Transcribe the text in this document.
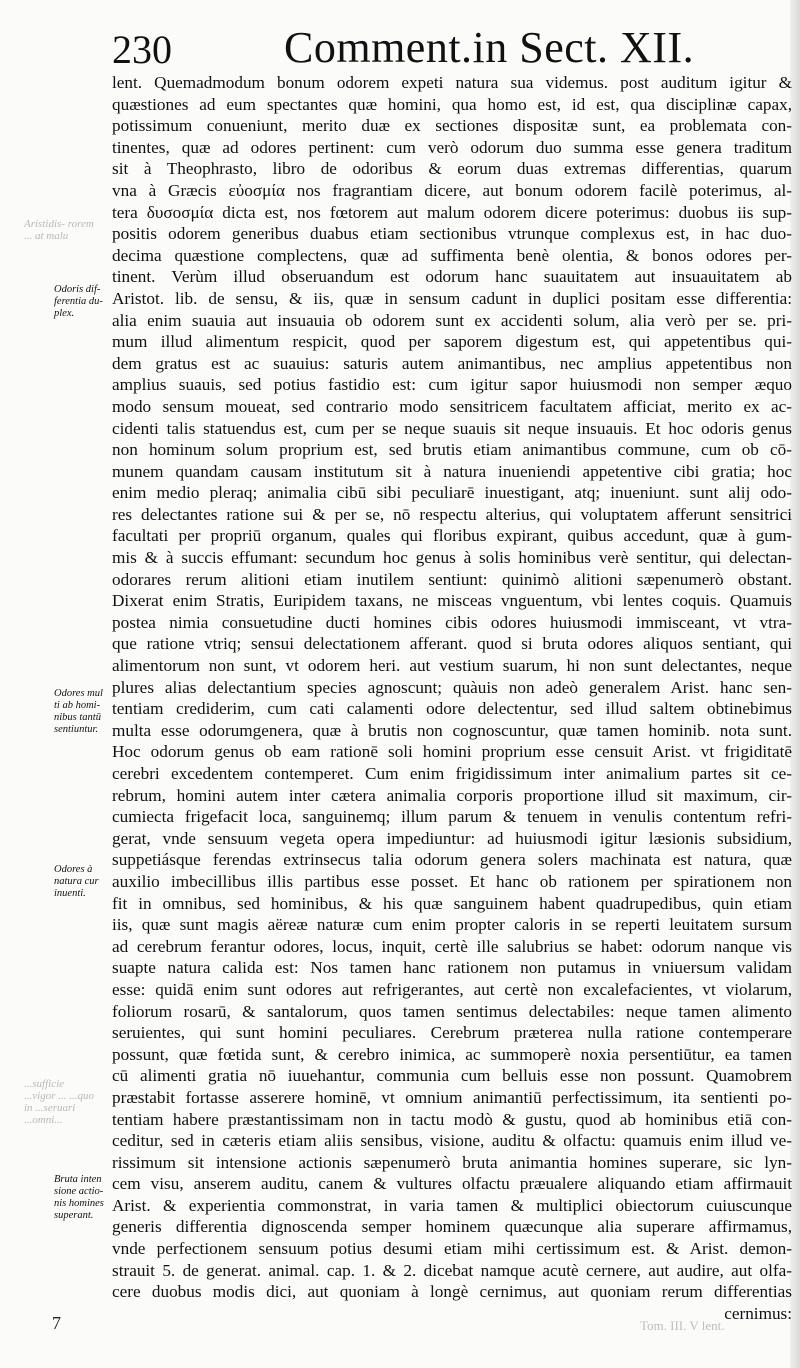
230	Comment.in Sect. XII.
Aristidis- rorem ... at malu
...sufficie ...vigor ... ...quo in ...seruari ...omni...
Odoris dif-
ferentia du-
plex.
Odores mul
ti ab homi-
nibus tantū
sentiuntur.
Odores à
natura cur
inuenti.
Bruta inten
sione actio-
nis homines
superant.
lent. Quemadmodum bonum odorem expeti natura sua videmus. post auditum igitur &
quæstiones ad eum spectantes quæ homini, qua homo est, id est, qua disciplinæ capax,
potissimum conueniunt, merito duæ ex sectiones dispositæ sunt, ea problemata con-
tinentes, quæ ad odores pertinent: cum verò odorum duo summa esse genera traditum
sit à Theophrasto, libro de odoribus & eorum duas extremas differentias, quarum
vna à Græcis εὐοσμία nos fragrantiam dicere, aut bonum odorem facilè poterimus, al-
tera δυσοσμία dicta est, nos fœtorem aut malum odorem dicere poterimus: duobus iis sup-
positis odorem generibus duabus etiam sectionibus vtrunque complexus est, in hac duo-
decima quæstione complectens, quæ ad suffimenta benè olentia, & bonos odores per-
tinent. Verùm illud obseruandum est odorum hanc suauitatem aut insuauitatem ab
Aristot. lib. de sensu, & iis, quæ in sensum cadunt in duplici positam esse differentia:
alia enim suauia aut insuauia ob odorem sunt ex accidenti solum, alia verò per se. pri-
mum illud alimentum respicit, quod per saporem digestum est, qui appetentibus qui-
dem gratus est ac suauius: saturis autem animantibus, nec amplius appetentibus non
amplius suauis, sed potius fastidio est: cum igitur sapor huiusmodi non semper æquo
modo sensum moueat, sed contrario modo sensitricem facultatem afficiat, merito ex ac-
cidenti talis statuendus est, cum per se neque suauis sit neque insuauis. Et hoc odoris genus
non hominum solum proprium est, sed brutis etiam animantibus commune, cum ob cō-
munem quandam causam institutum sit à natura inueniendi appetentive cibi gratia; hoc
enim medio pleraq; animalia cibū sibi peculiarē inuestigant, atq; inueniunt. sunt alij odo-
res delectantes ratione sui & per se, nō respectu alterius, qui voluptatem afferunt sensitrici
facultati per propriū organum, quales qui floribus expirant, quibus accedunt, quæ à gum-
mis & à succis effumant: secundum hoc genus à solis hominibus verè sentitur, qui delectan-
odorares rerum alitioni etiam inutilem sentiunt: quinimò alitioni sæpenumerò obstant.
Dixerat enim Stratis, Euripidem taxans, ne misceas vnguentum, vbi lentes coquis. Quamuis
postea nimia consuetudine ducti homines cibis odores huiusmodi immisceant, vt vtra-
que ratione vtriq; sensui delectationem afferant. quod si bruta odores aliquos sentiant, qui
alimentorum non sunt, vt odorem heri. aut vestium suarum, hi non sunt delectantes, neque
plures alias delectantium species agnoscunt; quàuis non adeò generalem Arist. hanc sen-
tentiam crediderim, cum cati calamenti odore delectentur, sed illud saltem obtinebimus
multa esse odorumgenera, quæ à brutis non cognoscuntur, quæ tamen hominib. nota sunt.
Hoc odorum genus ob eam rationē soli homini proprium esse censuit Arist. vt frigiditatē
cerebri excedentem contemperet. Cum enim frigidissimum inter animalium partes sit ce-
rebrum, homini autem inter cætera animalia corporis proportione illud sit maximum, cir-
cumiecta frigefacit loca, sanguinemq; illum parum & tenuem in venulis contentum refri-
gerat, vnde sensuum vegeta opera impediuntur: ad huiusmodi igitur læsionis subsidium,
suppetiásque ferendas extrinsecus talia odorum genera solers machinata est natura, quæ
auxilio imbecillibus illis partibus esse posset. Et hanc ob rationem per spirationem non
fit in omnibus, sed hominibus, & his quæ sanguinem habent quadrupedibus, quin etiam
iis, quæ sunt magis aëreæ naturæ cum enim propter caloris in se reperti leuitatem sursum
ad cerebrum ferantur odores, locus, inquit, certè ille salubrius se habet: odorum nanque vis
suapte natura calida est: Nos tamen hanc rationem non putamus in vniuersum validam
esse: quidā enim sunt odores aut refrigerantes, aut certè non excalefacientes, vt violarum,
foliorum rosarū, & santalorum, quos tamen sentimus delectabiles: neque tamen alimento
seruientes, qui sunt homini peculiares. Cerebrum præterea nulla ratione contemperare
possunt, quæ fœtida sunt, & cerebro inimica, ac summoperè noxia persentiūtur, ea tamen
cū alimenti gratia nō iuuehantur, communia cum belluis esse non possunt. Quamobrem
præstabit fortasse asserere hominē, vt omnium animantiū perfectissimum, ita sentienti po-
tentiam habere præstantissimam non in tactu modò & gustu, quod ab hominibus etiā con-
ceditur, sed in cæteris etiam aliis sensibus, visione, auditu & olfactu: quamuis enim illud ve-
rissimum sit intensione actionis sæpenumerò bruta animantia homines superare, sic lyn-
cem visu, anserem auditu, canem & vultures olfactu præualere aliquando etiam affirmauit
Arist. & experientia commonstrat, in varia tamen & multiplici obiectorum cuiuscunque
generis differentia dignoscenda semper hominem quæcunque alia superare affirmamus,
vnde perfectionem sensuum potius desumi etiam mihi certissimum est. & Arist. demon-
strauit 5. de generat. animal. cap. 1. & 2. dicebat namque acutè cernere, aut audire, aut olfa-
cere duobus modis dici, aut quoniam à longè cernimus, aut quoniam rerum differentias
cernimus:
7	Tom. III. V lent.
